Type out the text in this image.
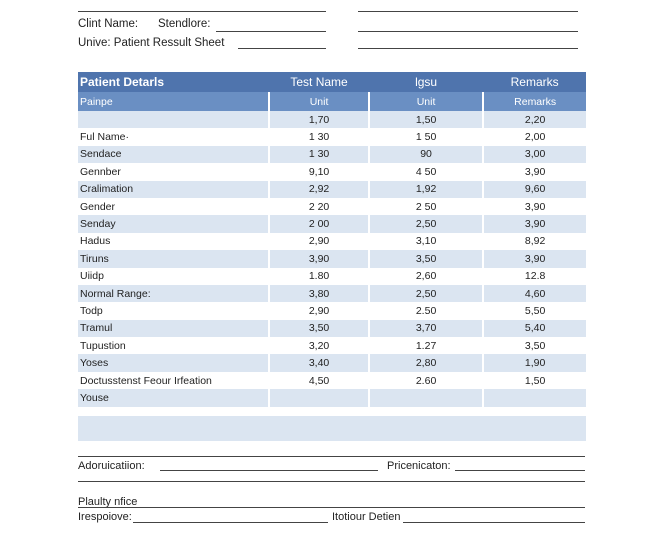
Clint Name: Stendlore:
Unive: Patient Ressult Sheet
Patient Detarls	Test Name	lgsu	Remarks
Painpe	Unit	Unit	Remarks
	1,70	1,50	2,20
Ful Name·	1 30	1 50	2,00
Sendace	1 30	90	3,00
Gennber	9,10	4 50	3,90
Cralimation	2,92	1,92	9,60
Gender	2 20	2 50	3,90
Senday	2 00	2,50	3,90
Hadus	2,90	3,10	8,92
Tiruns	3,90	3,50	3,90
Uiidp	1.80	2,60	12.8
Normal Range:	3,80	2,50	4,60
Todp	2,90	2.50	5,50
Tramul	3,50	3,70	5,40
Tupustion	3,20	1.27	3,50
Yoses	3,40	2,80	1,90
Doctusstenst Feour Irfeation	4,50	2.60	1,50
Youse			
Adoruicatiion:	Pricenicaton:
Plaulty nfice
Irespoiove:	Itotiour Detien
